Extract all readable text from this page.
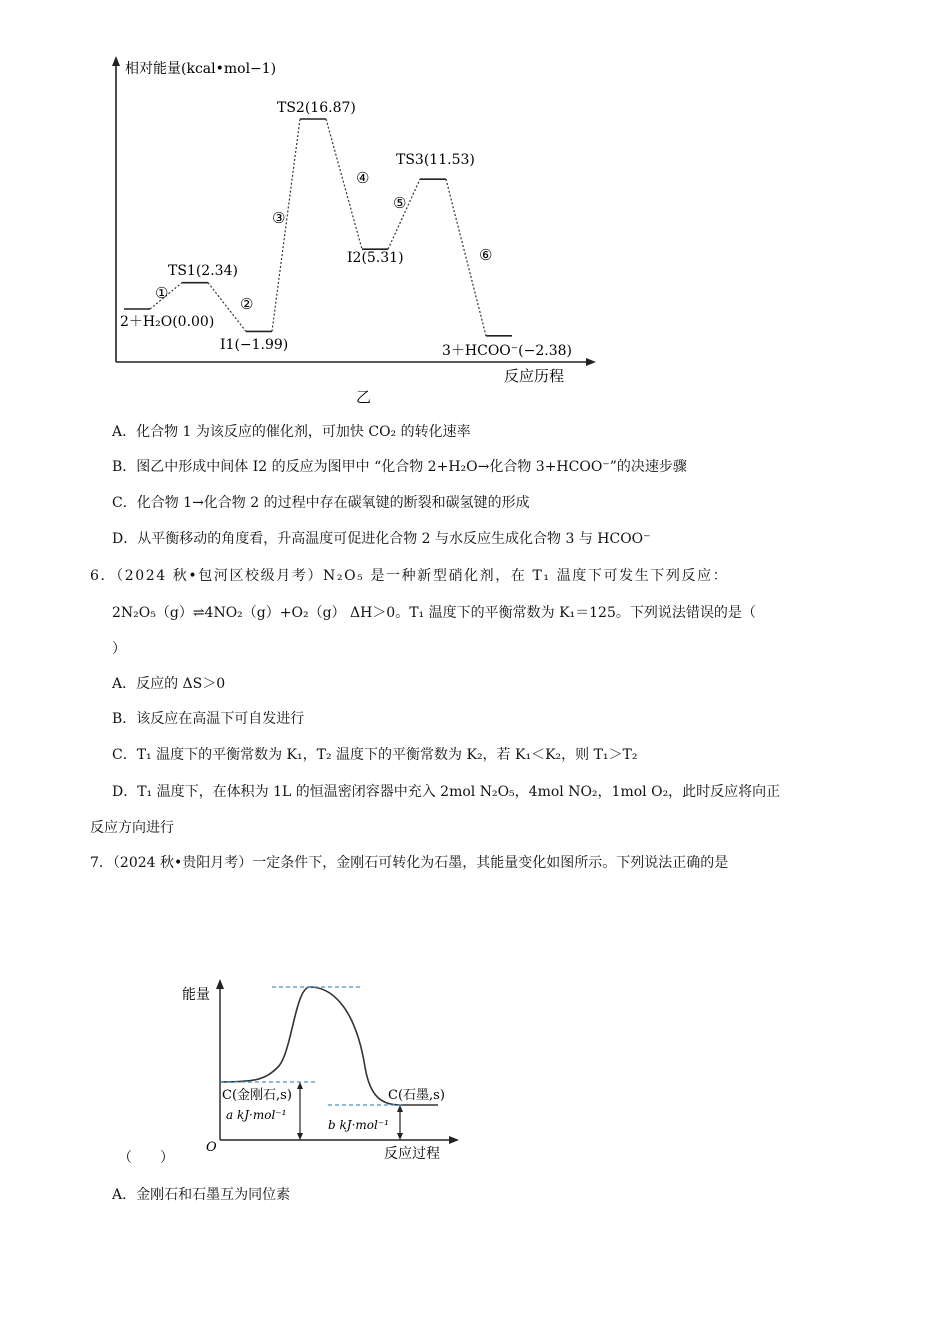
相对能量(kcal•mol−1)
反应历程
乙
2＋H₂O(0.00)
TS1(2.34)
I1(−1.99)
TS2(16.87)
I2(5.31)
TS3(11.53)
3＋HCOO⁻(−2.38)
①
②
③
④
⑤
⑥
A．化合物 1 为该反应的催化剂，可加快 CO₂ 的转化速率
B．图乙中形成中间体 I2 的反应为图甲中 “化合物 2+H₂O→化合物 3+HCOO⁻”的决速步骤
C．化合物 1→化合物 2 的过程中存在碳氧键的断裂和碳氢键的形成
D．从平衡移动的角度看，升高温度可促进化合物 2 与水反应生成化合物 3 与 HCOO⁻
6．（2024 秋•包河区校级月考）N₂O₅ 是一种新型硝化剂，在 T₁ 温度下可发生下列反应：
2N₂O₅（g）⇌4NO₂（g）+O₂（g） ΔH＞0。T₁ 温度下的平衡常数为 K₁＝125。下列说法错误的是（
）
A．反应的 ΔS＞0
B．该反应在高温下可自发进行
C．T₁ 温度下的平衡常数为 K₁，T₂ 温度下的平衡常数为 K₂，若 K₁＜K₂，则 T₁＞T₂
D．T₁ 温度下，在体积为 1L 的恒温密闭容器中充入 2mol N₂O₅，4mol NO₂，1mol O₂，此时反应将向正
反应方向进行
7．（2024 秋•贵阳月考）一定条件下，金刚石可转化为石墨，其能量变化如图所示。下列说法正确的是
能量
反应过程
O
C(金刚石,s)	C(石墨,s)
a kJ·mol⁻¹
b kJ·mol⁻¹
（　　）
A．金刚石和石墨互为同位素
